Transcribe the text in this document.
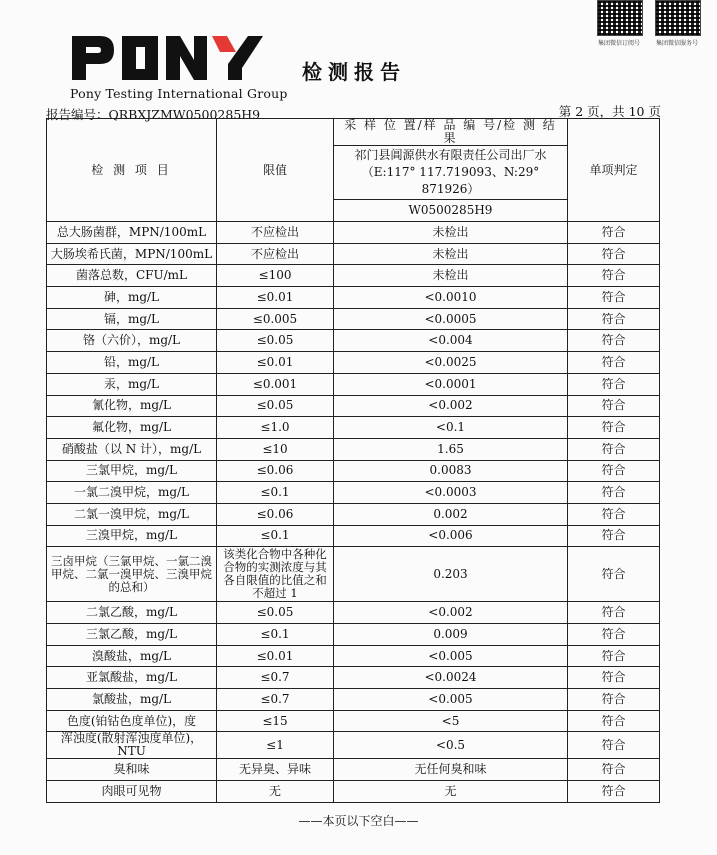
集团微信订阅号	集团微信服务号
Pony Testing International Group
检测报告
报告编号：QRBXJZMW0500285H9	第 2 页，共 10 页
检 测 项 目	限值	采 样 位 置/样 品 编 号/检 测 结 果	单项判定

		祁门县阊源供水有限责任公司出厂水
（E:117° 117.719093、N:29° 871926）	

		W0500285H9	
总大肠菌群，MPN/100mL	不应检出	未检出	符合
大肠埃希氏菌，MPN/100mL	不应检出	未检出	符合
菌落总数，CFU/mL	≤100	未检出	符合
砷，mg/L	≤0.01	<0.0010	符合
镉，mg/L	≤0.005	<0.0005	符合
铬（六价），mg/L	≤0.05	<0.004	符合
铅，mg/L	≤0.01	<0.0025	符合
汞，mg/L	≤0.001	<0.0001	符合
氰化物，mg/L	≤0.05	<0.002	符合
氟化物，mg/L	≤1.0	<0.1	符合
硝酸盐（以 N 计），mg/L	≤10	1.65	符合
三氯甲烷，mg/L	≤0.06	0.0083	符合
一氯二溴甲烷，mg/L	≤0.1	<0.0003	符合
二氯一溴甲烷，mg/L	≤0.06	0.002	符合
三溴甲烷，mg/L	≤0.1	<0.006	符合
三卤甲烷（三氯甲烷、一氯二溴甲烷、二氯一溴甲烷、三溴甲烷的总和）	该类化合物中各种化合物的实测浓度与其各自限值的比值之和不超过 1	0.203	符合
二氯乙酸，mg/L	≤0.05	<0.002	符合
三氯乙酸，mg/L	≤0.1	0.009	符合
溴酸盐，mg/L	≤0.01	<0.005	符合
亚氯酸盐，mg/L	≤0.7	<0.0024	符合
氯酸盐，mg/L	≤0.7	<0.005	符合
色度(铂钴色度单位)，度	≤15	<5	符合
浑浊度(散射浑浊度单位)，NTU	≤1	<0.5	符合
臭和味	无异臭、异味	无任何臭和味	符合
肉眼可见物	无	无	符合
——本页以下空白——
